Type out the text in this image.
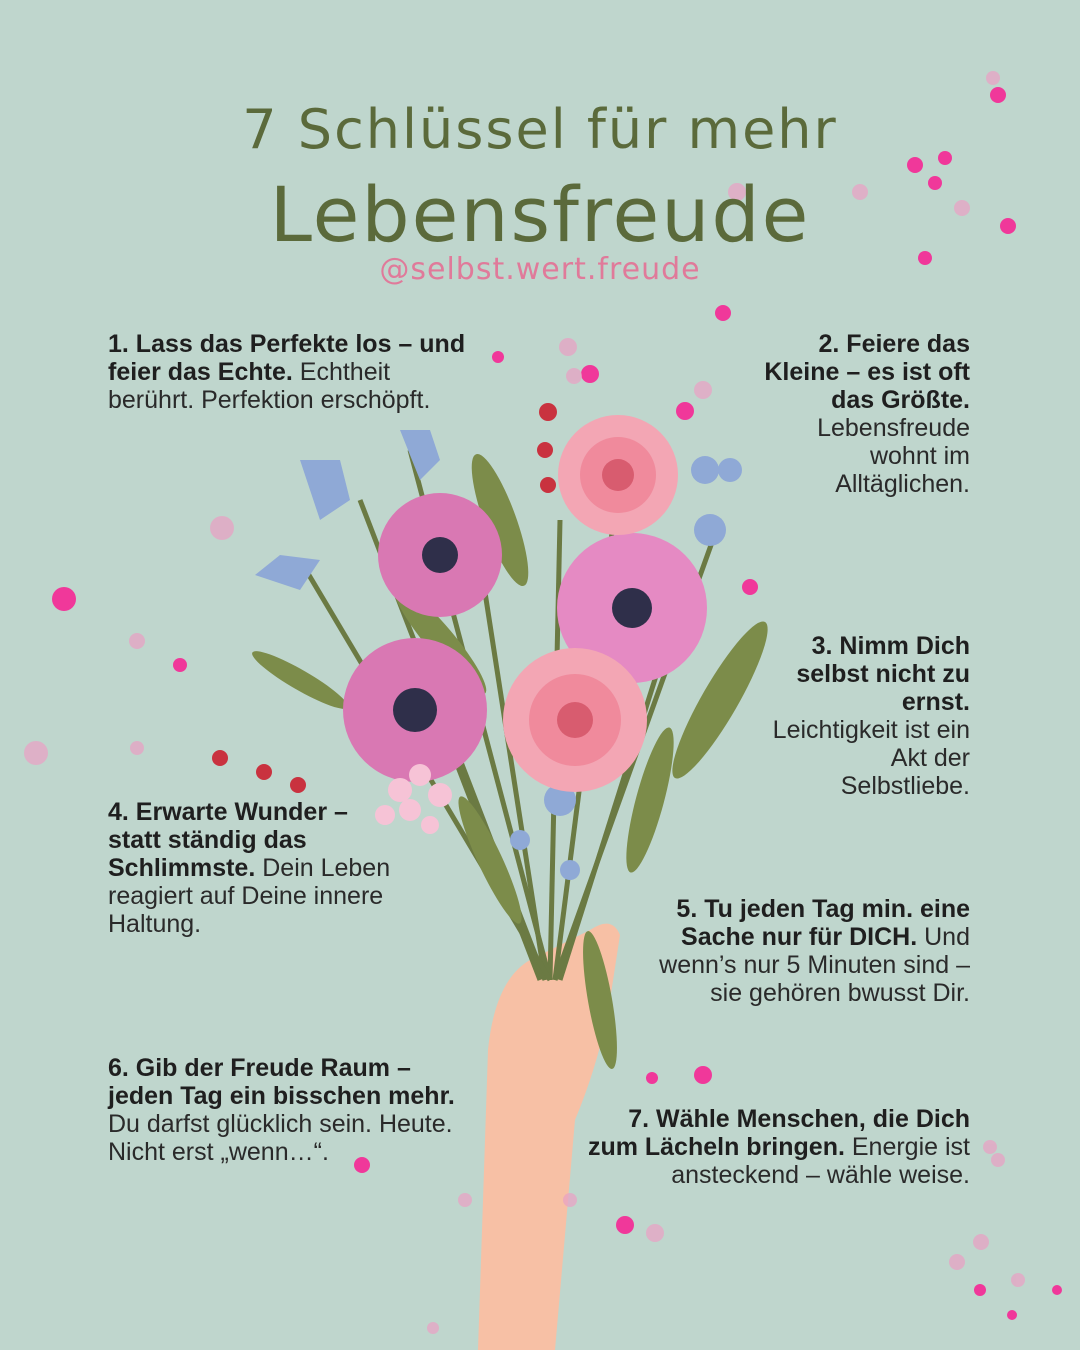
7 Schlüssel für mehr
Lebensfreude
@selbst.wert.freude
1. Lass das Perfekte los – und feier das Echte. Echtheit berührt. Perfektion erschöpft.
2. Feiere das Kleine – es ist oft das Größte. Lebensfreude wohnt im Alltäglichen.
3. Nimm Dich selbst nicht zu ernst. Leichtigkeit ist ein Akt der Selbstliebe.
4. Erwarte Wunder – statt ständig das Schlimmste. Dein Leben reagiert auf Deine innere Haltung.
5. Tu jeden Tag min. eine Sache nur für DICH. Und wenn’s nur 5 Minuten sind – sie gehören bwusst Dir.
6. Gib der Freude Raum – jeden Tag ein bisschen mehr. Du darfst glücklich sein. Heute. Nicht erst „wenn…“.
7. Wähle Menschen, die Dich zum Lächeln bringen. Energie ist ansteckend – wähle weise.
